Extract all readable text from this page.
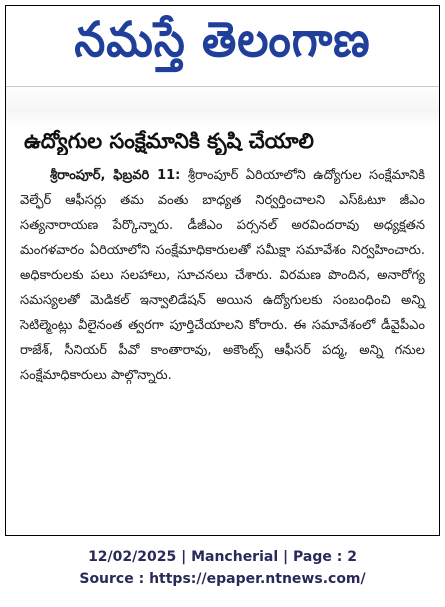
నమస్తే తెలంగాణ
ఉద్యోగుల సంక్షేమానికి కృషి చేయాలి

శ్రీరాంపూర్, ఫిబ్రవరి 11: శ్రీరాంపూర్ ఏరియాలోని ఉద్యోగుల సంక్షేమానికి వెల్ఫేర్ ఆఫీసర్లు తమ వంతు బాధ్యత నిర్వర్తించాలని ఎస్ఓటూ జీఎం సత్యనారాయణ పేర్కొన్నారు. డీజీఎం పర్సనల్ అరవిందరావు అధ్యక్షతన మంగళవారం ఏరియాలోని సంక్షేమాధికారులతో సమీక్షా సమావేశం నిర్వహించారు. అధికారులకు పలు సలహాలు, సూచనలు చేశారు. విరమణ పొందిన, అనారోగ్య సమస్యలతో మెడికల్ ఇన్వాలిడేషన్ అయిన ఉద్యోగులకు సంబంధించి అన్ని సెటిల్మెంట్లు వీలైనంత త్వరగా పూర్తిచేయాలని కోరారు. ఈ సమావేశంలో డీవైపీఎం రాజేశ్, సీనియర్ పీవో కాంతారావు, అకౌంట్స్ ఆఫీసర్ పద్మ, అన్ని గనుల సంక్షేమాధికారులు పాల్గొన్నారు.

12/02/2025 | Mancherial | Page : 2
Source : https://epaper.ntnews.com/
